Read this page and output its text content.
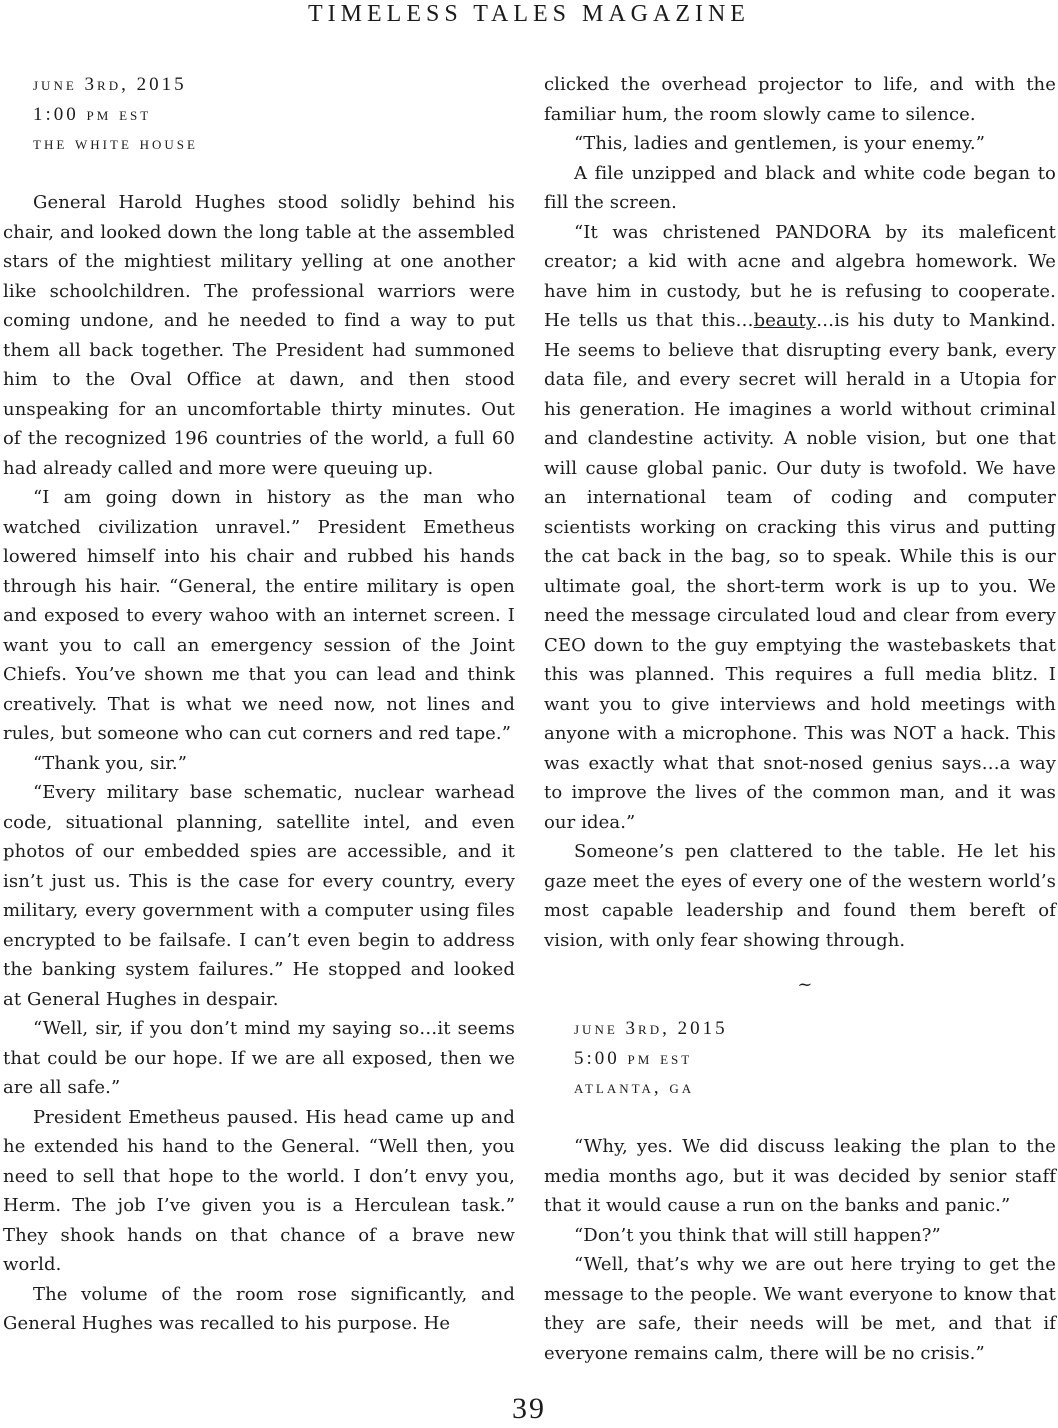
TIMELESS TALES MAGAZINE
june 3rd, 2015
1:00 pm est
the white house

General Harold Hughes stood solidly behind his chair, and looked down the long table at the assembled stars of the mightiest military yelling at one another like schoolchildren. The professional warriors were coming undone, and he needed to find a way to put them all back together. The President had summoned him to the Oval Office at dawn, and then stood unspeaking for an uncomfortable thirty minutes. Out of the recognized 196 countries of the world, a full 60 had already called and more were queuing up.

“I am going down in history as the man who watched civilization unravel.” President Emetheus lowered himself into his chair and rubbed his hands through his hair. “General, the entire military is open and exposed to every wahoo with an internet screen. I want you to call an emergency session of the Joint Chiefs. You’ve shown me that you can lead and think creatively. That is what we need now, not lines and rules, but someone who can cut corners and red tape.”

“Thank you, sir.”

“Every military base schematic, nuclear warhead code, situational planning, satellite intel, and even photos of our embedded spies are accessible, and it isn’t just us. This is the case for every country, every military, every government with a computer using files encrypted to be failsafe. I can’t even begin to address the banking system failures.” He stopped and looked at General Hughes in despair.

“Well, sir, if you don’t mind my saying so…it seems that could be our hope. If we are all exposed, then we are all safe.”

President Emetheus paused. His head came up and he extended his hand to the General. “Well then, you need to sell that hope to the world. I don’t envy you, Herm. The job I’ve given you is a Herculean task.” They shook hands on that chance of a brave new world.

The volume of the room rose significantly, and General Hughes was recalled to his purpose. He

clicked the overhead projector to life, and with the familiar hum, the room slowly came to silence.

“This, ladies and gentlemen, is your enemy.”

A file unzipped and black and white code began to fill the screen.

“It was christened PANDORA by its maleficent creator; a kid with acne and algebra homework. We have him in custody, but he is refusing to cooperate. He tells us that this…beauty…is his duty to Mankind. He seems to believe that disrupting every bank, every data file, and every secret will herald in a Utopia for his generation. He imagines a world without criminal and clandestine activity. A noble vision, but one that will cause global panic. Our duty is twofold. We have an international team of coding and computer scientists working on cracking this virus and putting the cat back in the bag, so to speak. While this is our ultimate goal, the short-term work is up to you. We need the message circulated loud and clear from every CEO down to the guy emptying the wastebaskets that this was planned. This requires a full media blitz. I want you to give interviews and hold meetings with anyone with a microphone. This was NOT a hack. This was exactly what that snot-nosed genius says…a way to improve the lives of the common man, and it was our idea.”

Someone’s pen clattered to the table. He let his gaze meet the eyes of every one of the western world’s most capable leadership and found them bereft of vision, with only fear showing through.

~
june 3rd, 2015
5:00 pm est
atlanta, ga

“Why, yes. We did discuss leaking the plan to the media months ago, but it was decided by senior staff that it would cause a run on the banks and panic.”

“Don’t you think that will still happen?”

“Well, that’s why we are out here trying to get the message to the people. We want everyone to know that they are safe, their needs will be met, and that if everyone remains calm, there will be no crisis.”

39
